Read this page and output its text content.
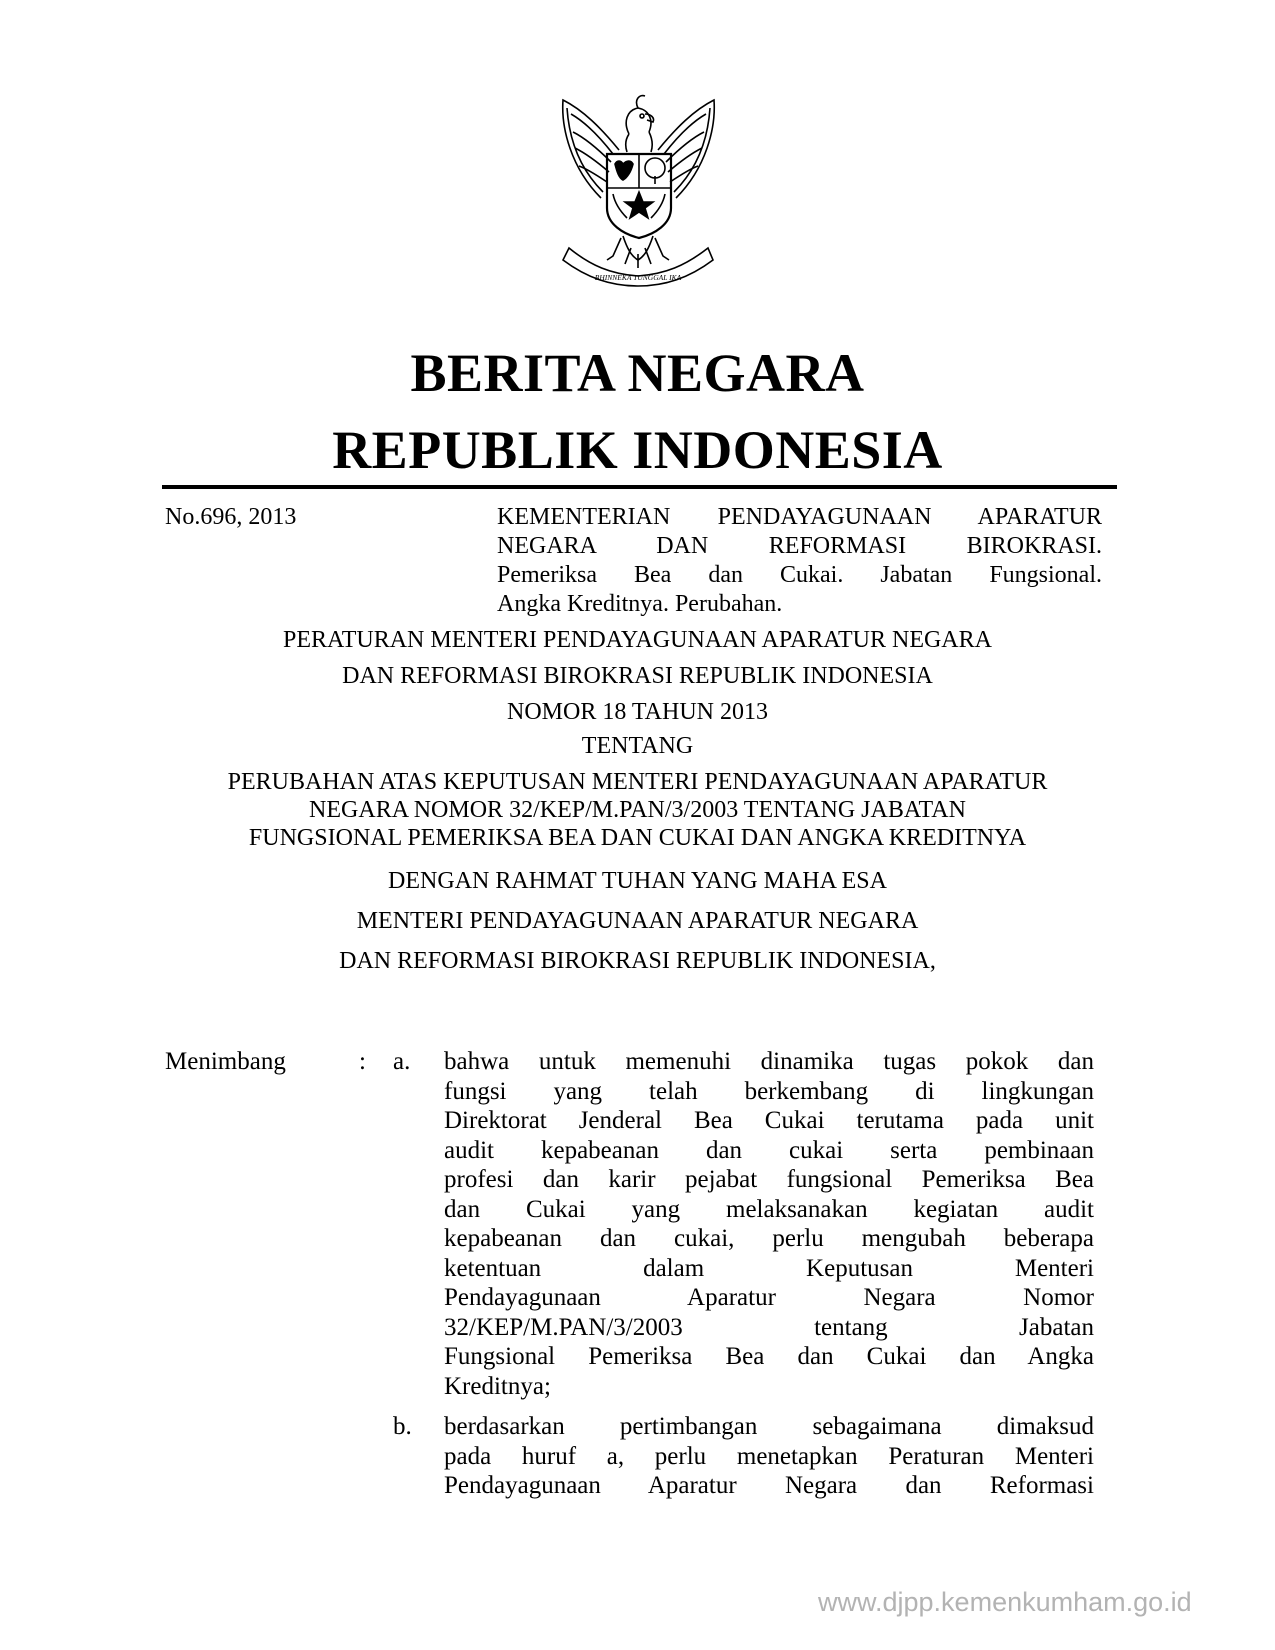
BHINNEKA TUNGGAL IKA
BERITA NEGARA
REPUBLIK INDONESIA
No.696, 2013	KEMENTERIAN PENDAYAGUNAAN APARATUR
NEGARA DAN REFORMASI BIROKRASI.
Pemeriksa Bea dan Cukai. Jabatan Fungsional.
Angka Kreditnya. Perubahan.
PERATURAN MENTERI PENDAYAGUNAAN APARATUR NEGARA
DAN REFORMASI BIROKRASI REPUBLIK INDONESIA
NOMOR 18 TAHUN 2013
TENTANG
PERUBAHAN ATAS KEPUTUSAN MENTERI PENDAYAGUNAAN APARATUR
NEGARA NOMOR 32/KEP/M.PAN/3/2003 TENTANG JABATAN
FUNGSIONAL PEMERIKSA BEA DAN CUKAI DAN ANGKA KREDITNYA
DENGAN RAHMAT TUHAN YANG MAHA ESA
MENTERI PENDAYAGUNAAN APARATUR NEGARA
DAN REFORMASI BIROKRASI REPUBLIK INDONESIA,
Menimbang	: a. bahwa untuk memenuhi dinamika tugas pokok dan
fungsi yang telah berkembang di lingkungan
Direktorat Jenderal Bea Cukai terutama pada unit
audit kepabeanan dan cukai serta pembinaan
profesi dan karir pejabat fungsional Pemeriksa Bea
dan Cukai yang melaksanakan kegiatan audit
kepabeanan dan cukai, perlu mengubah beberapa
ketentuan dalam Keputusan Menteri
Pendayagunaan Aparatur Negara Nomor
32/KEP/M.PAN/3/2003 tentang Jabatan
Fungsional Pemeriksa Bea dan Cukai dan Angka
Kreditnya;
b. berdasarkan pertimbangan sebagaimana dimaksud
pada huruf a, perlu menetapkan Peraturan Menteri
Pendayagunaan Aparatur Negara dan Reformasi
www.djpp.kemenkumham.go.id
